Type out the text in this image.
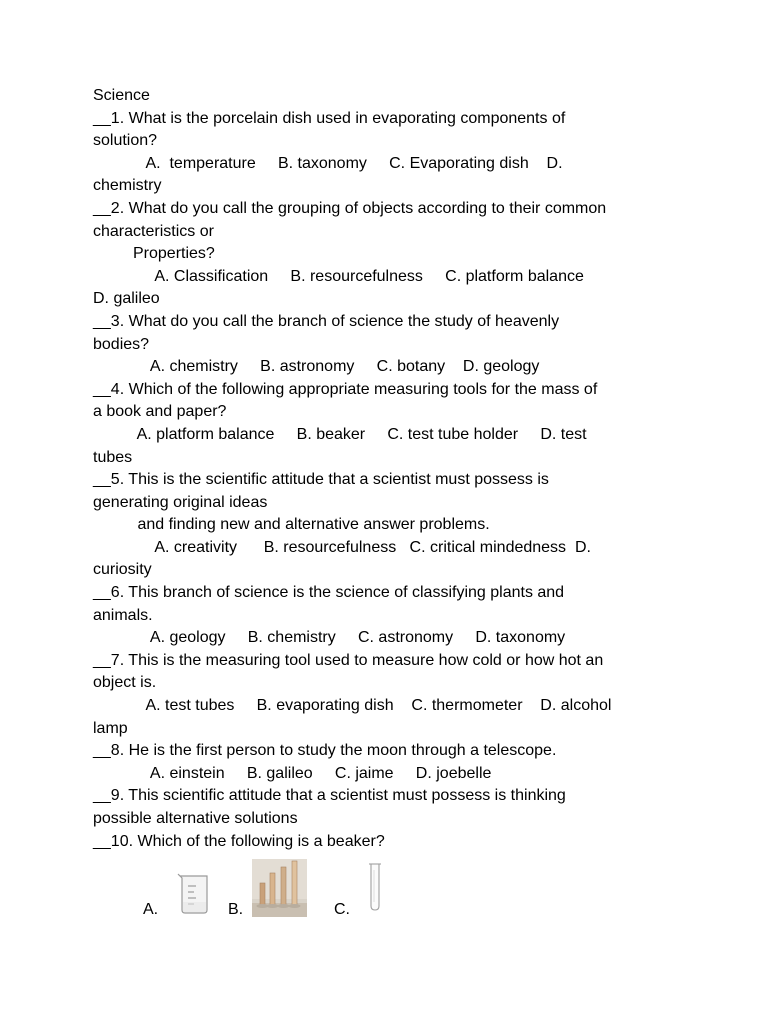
Science
__1. What is the porcelain dish used in evaporating components of
solution?
A.  temperature     B. taxonomy     C. Evaporating dish    D.
chemistry
__2. What do you call the grouping of objects according to their common
characteristics or
Properties?
A. Classification     B. resourcefulness     C. platform balance
D. galileo
__3. What do you call the branch of science the study of heavenly
bodies?
A. chemistry     B. astronomy     C. botany    D. geology
__4. Which of the following appropriate measuring tools for the mass of
a book and paper?
A. platform balance     B. beaker     C. test tube holder     D. test
tubes
__5. This is the scientific attitude that a scientist must possess is
generating original ideas
and finding new and alternative answer problems.
A. creativity      B. resourcefulness   C. critical mindedness  D.
curiosity
__6. This branch of science is the science of classifying plants and
animals.
A. geology     B. chemistry     C. astronomy     D. taxonomy
__7. This is the measuring tool used to measure how cold or how hot an
object is.
A. test tubes     B. evaporating dish    C. thermometer    D. alcohol
lamp
__8. He is the first person to study the moon through a telescope.
A. einstein     B. galileo     C. jaime     D. joebelle
__9. This scientific attitude that a scientist must possess is thinking
possible alternative solutions
__10. Which of the following is a beaker?
A.	B.	C.
